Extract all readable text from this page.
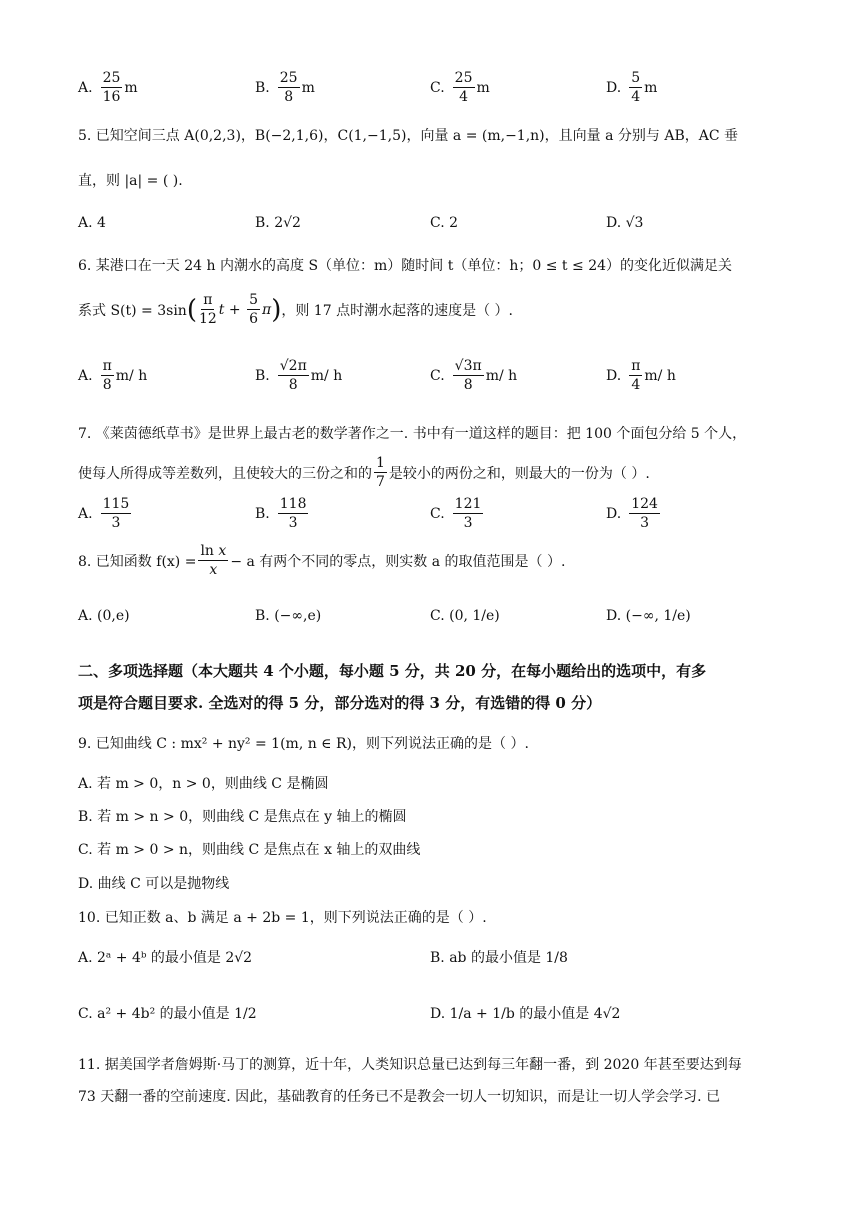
A. $\frac{25}{16}$ m	B. $\frac{25}{8}$ m	C. $\frac{25}{4}$ m	D. $\frac{5}{4}$ m
5. 已知空间三点 A(0,2,3)，B(−2,1,6)，C(1,−1,5)，向量 a = (m,−1,n)，且向量 a 分别与 AB，AC 垂
直，则 |a| = ( ).
A. 4	B. 2√2	C. 2	D. √3
6. 某港口在一天 24 h 内潮水的高度 S（单位：m）随时间 t（单位：h；0 ≤ t ≤ 24）的变化近似满足关
系式 S(t) = 3sin ( $\frac{\pi}{12}$ $t + \frac{5}{6}$ π ) ，则 17 点时潮水起落的速度是（ ）.
A. $\frac{\pi}{8} m/$ h	B. $\frac{√2\pi}{8} m/$ h	C. $\frac{√3\pi}{8} m/$ h	D. $\frac{\pi}{4} m/$ h
7. 《莱茵德纸草书》是世界上最古老的数学著作之一. 书中有一道这样的题目：把 100 个面包分给 5 个人，
使每人所得成等差数列，且使较大的三份之和的 $\frac{1}{7}$ 是较小的两份之和，则最大的一份为（ ）.
A. $\frac{115}{3}$	B. $\frac{118}{3}$	C. $\frac{121}{3}$	D. $\frac{124}{3}$
8. 已知函数 $f(x) = \frac{\text{ln x}}{x} - a$ 有两个不同的零点，则实数 a 的取值范围是（ ）.
A. (0,e)	B. (−∞,e)	C. (0, 1/e)	D. (−∞, 1/e)
二、多项选择题（本大题共 4 个小题，每小题 5 分，共 20 分，在每小题给出的选项中，有多
项是符合题目要求. 全选对的得 5 分，部分选对的得 3 分，有选错的得 0 分）
9. 已知曲线 C : mx² + ny² = 1(m, n ∈ R)，则下列说法正确的是（ ）.
A. 若 m > 0，n > 0，则曲线 C 是椭圆
B. 若 m > n > 0，则曲线 C 是焦点在 y 轴上的椭圆
C. 若 m > 0 > n，则曲线 C 是焦点在 x 轴上的双曲线
D. 曲线 C 可以是抛物线
10. 已知正数 a、b 满足 a + 2b = 1，则下列说法正确的是（ ）.
A. 2ᵃ + 4ᵇ 的最小值是 2√2	B. ab 的最小值是 1/8
C. a² + 4b² 的最小值是 1/2	D. 1/a + 1/b 的最小值是 4√2
11. 据美国学者詹姆斯·马丁的测算，近十年，人类知识总量已达到每三年翻一番，到 2020 年甚至要达到每
73 天翻一番的空前速度. 因此，基础教育的任务已不是教会一切人一切知识，而是让一切人学会学习. 已
